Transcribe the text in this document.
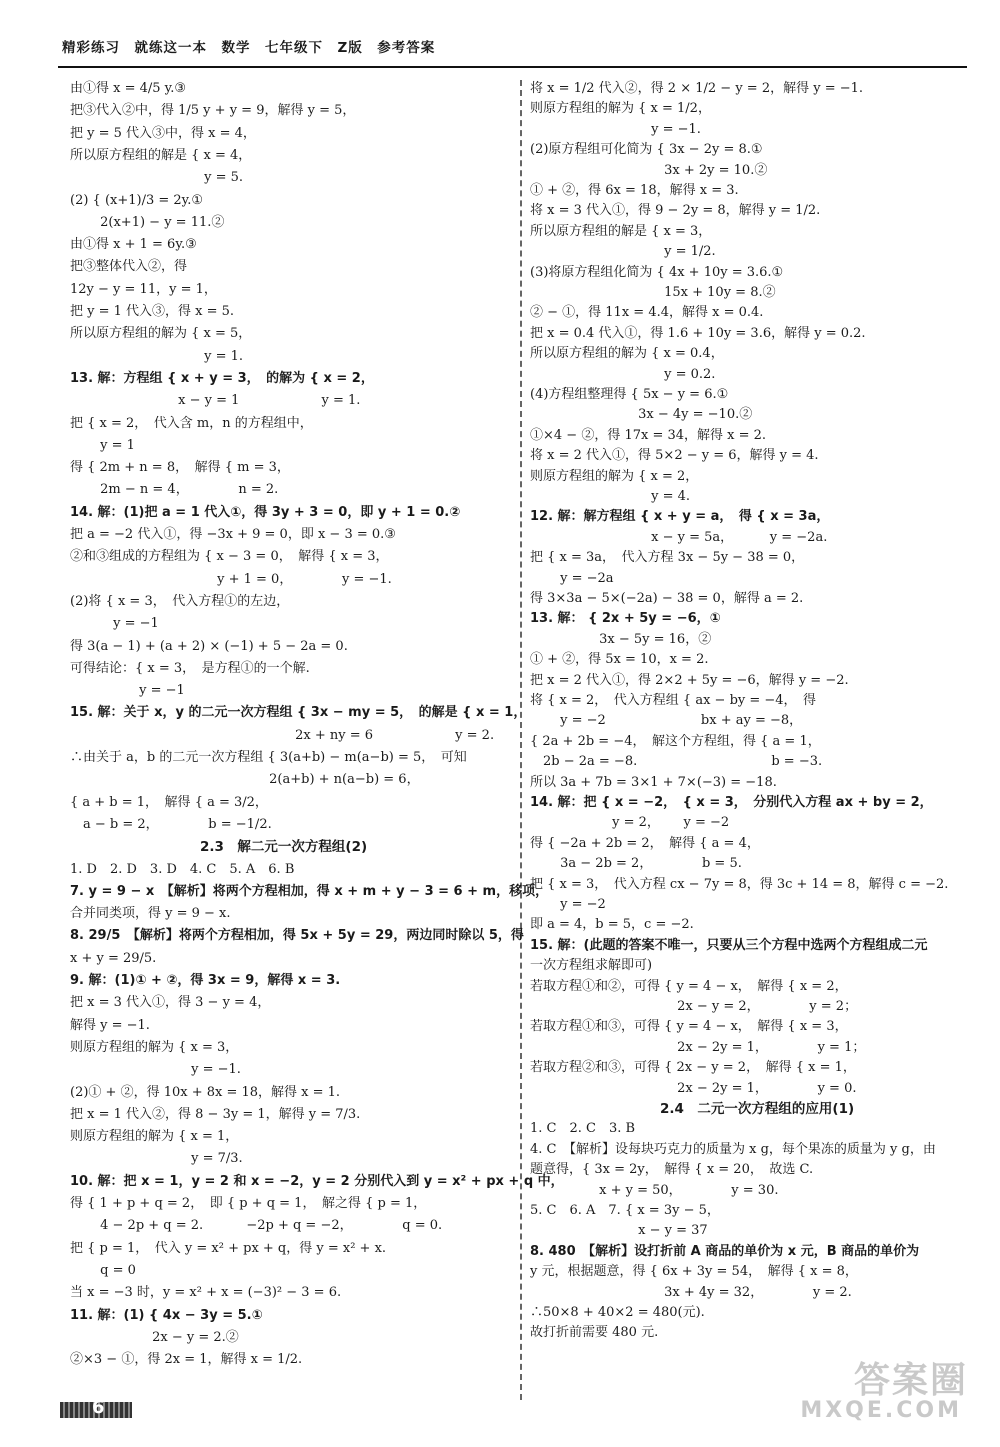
精彩练习　就练这一本　数学　七年级下　Z版　参考答案
由①得 x = 4/5 y.③
把③代入②中，得 1/5 y + y = 9，解得 y = 5，
把 y = 5 代入③中，得 x = 4，
所以原方程组的解是 { x = 4，
　　　　　　　　　　 y = 5.
(2) { (x+1)/3 = 2y.①
　　 2(x+1) − y = 11.②
由①得 x + 1 = 6y.③
把③整体代入②，得
12y − y = 11，y = 1，
把 y = 1 代入③，得 x = 5.
所以原方程组的解为 { x = 5，
　　　　　　　　　　 y = 1.
13. 解：方程组 { x + y = 3，　的解为 { x = 2，
　　　　　　　　 x − y = 1　　　　　　 y = 1.
把 { x = 2，　代入含 m，n 的方程组中，
　　 y = 1
得 { 2m + n = 8，　解得 { m = 3，
　　 2m − n = 4，　　　　 n = 2.
14. 解：(1)把 a = 1 代入①，得 3y + 3 = 0，即 y + 1 = 0.②
把 a = −2 代入①，得 −3x + 9 = 0，即 x − 3 = 0.③
②和③组成的方程组为 { x − 3 = 0，　解得 { x = 3，
　　　　　　　　　　　 y + 1 = 0，　　　　 y = −1.
(2)将 { x = 3，　代入方程①的左边，
　　　 y = −1
得 3(a − 1) + (a + 2) × (−1) + 5 − 2a = 0.
可得结论：{ x = 3，　是方程①的一个解.
　　　　　 y = −1
15. 解：关于 x，y 的二元一次方程组 { 3x − my = 5，　的解是 { x = 1，
　　　　　　　　　　　　　　　　　 2x + ny = 6　　　　　　 y = 2.
∴由关于 a，b 的二元一次方程组 { 3(a+b) − m(a−b) = 5，　可知
　　　　　　　　　　　　　　　 2(a+b) + n(a−b) = 6，
{ a + b = 1，　解得 { a = 3/2，
　a − b = 2，　　　　 b = −1/2.
2.3　解二元一次方程组(2)
1. D　2. D　3. D　4. C　5. A　6. B
7. y = 9 − x　【解析】将两个方程相加，得 x + m + y − 3 = 6 + m，移项，
合并同类项，得 y = 9 − x.
8. 29/5　【解析】将两个方程相加，得 5x + 5y = 29，两边同时除以 5，得
x + y = 29/5.
9. 解：(1)① + ②，得 3x = 9，解得 x = 3.
把 x = 3 代入①，得 3 − y = 4，
解得 y = −1.
则原方程组的解为 { x = 3，
　　　　　　　　　 y = −1.
(2)① + ②，得 10x + 8x = 18，解得 x = 1.
把 x = 1 代入②，得 8 − 3y = 1，解得 y = 7/3.
则原方程组的解为 { x = 1，
　　　　　　　　　 y = 7/3.
10. 解：把 x = 1，y = 2 和 x = −2，y = 2 分别代入到 y = x² + px + q 中，
得 { 1 + p + q = 2，　即 { p + q = 1，　解之得 { p = 1，
　　 4 − 2p + q = 2.　　　 −2p + q = −2，　　　　 q = 0.
把 { p = 1，　代入 y = x² + px + q，得 y = x² + x.
　　 q = 0
当 x = −3 时，y = x² + x = (−3)² − 3 = 6.
11. 解：(1) { 4x − 3y = 5.①
　　　　　　 2x − y = 2.②
②×3 − ①，得 2x = 1，解得 x = 1/2.
将 x = 1/2 代入②，得 2 × 1/2 − y = 2，解得 y = −1.
则原方程组的解为 { x = 1/2，
　　　　　　　　　 y = −1.
(2)原方程组可化简为 { 3x − 2y = 8.①
　　　　　　　　　　 3x + 2y = 10.②
① + ②，得 6x = 18，解得 x = 3.
将 x = 3 代入①，得 9 − 2y = 8，解得 y = 1/2.
所以原方程组的解是 { x = 3，
　　　　　　　　　　 y = 1/2.
(3)将原方程组化简为 { 4x + 10y = 3.6.①
　　　　　　　　　　 15x + 10y = 8.②
② − ①，得 11x = 4.4，解得 x = 0.4.
把 x = 0.4 代入①，得 1.6 + 10y = 3.6，解得 y = 0.2.
所以原方程组的解为 { x = 0.4，
　　　　　　　　　　 y = 0.2.
(4)方程组整理得 { 5x − y = 6.①
　　　　　　　　 3x − 4y = −10.②
①×4 − ②，得 17x = 34，解得 x = 2.
将 x = 2 代入①，得 5×2 − y = 6，解得 y = 4.
则原方程组的解为 { x = 2，
　　　　　　　　　 y = 4.
12. 解：解方程组 { x + y = a，　得 { x = 3a，
　　　　　　　　　 x − y = 5a，　　　 y = −2a.
把 { x = 3a，　代入方程 3x − 5y − 38 = 0，
　　 y = −2a
得 3×3a − 5×(−2a) − 38 = 0，解得 a = 2.
13. 解： { 2x + 5y = −6，①
　　　　　 3x − 5y = 16，②
① + ②，得 5x = 10，x = 2.
把 x = 2 代入①，得 2×2 + 5y = −6，解得 y = −2.
将 { x = 2，　代入方程组 { ax − by = −4，　得
　　 y = −2　　　　　　　 bx + ay = −8，
{ 2a + 2b = −4，　解这个方程组，得 { a = 1，
　2b − 2a = −8.　　　　　　　　　　 b = −3.
所以 3a + 7b = 3×1 + 7×(−3) = −18.
14. 解：把 { x = −2，　{ x = 3，　分别代入方程 ax + by = 2，
　　　　　　 y = 2，　　 y = −2
得 { −2a + 2b = 2，　解得 { a = 4，
　　 3a − 2b = 2，　　　　 b = 5.
把 { x = 3，　代入方程 cx − 7y = 8，得 3c + 14 = 8，解得 c = −2.
　　 y = −2
即 a = 4，b = 5，c = −2.
15. 解：(此题的答案不唯一，只要从三个方程中选两个方程组成二元
一次方程组求解即可)
若取方程①和②，可得 { y = 4 − x，　解得 { x = 2，
　　　　　　　　　　　 2x − y = 2，　　　　 y = 2；
若取方程①和③，可得 { y = 4 − x，　解得 { x = 3，
　　　　　　　　　　　 2x − 2y = 1，　　　　 y = 1；
若取方程②和③，可得 { 2x − y = 2，　解得 { x = 1，
　　　　　　　　　　　 2x − 2y = 1，　　　　 y = 0.
2.4　二元一次方程组的应用(1)
1. C　2. C　3. B
4. C　【解析】设每块巧克力的质量为 x g，每个果冻的质量为 y g，由
题意得，{ 3x = 2y，　解得 { x = 20，　故选 C.
　　　　　 x + y = 50，　　　　 y = 30.
5. C　6. A　7. { x = 3y − 5，
　　　　　　　　 x − y = 37
8. 480　【解析】设打折前 A 商品的单价为 x 元，B 商品的单价为
y 元，根据题意，得 { 6x + 3y = 54，　解得 { x = 8，
　　　　　　　　　　 3x + 4y = 32，　　　　 y = 2.
∴50×8 + 40×2 = 480(元).
故打折前需要 480 元.
6
答案圈
MXQE.COM
